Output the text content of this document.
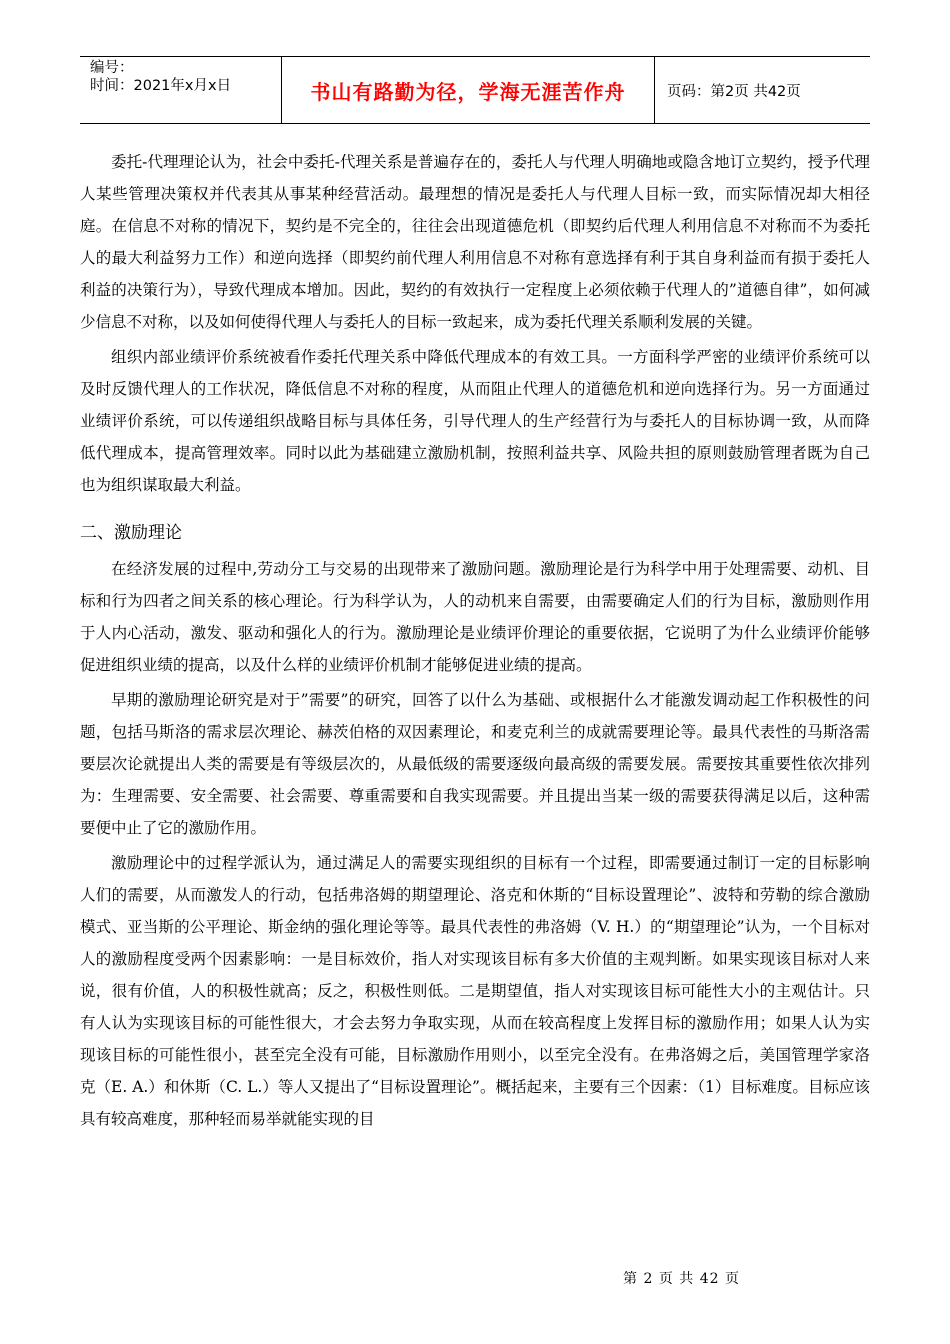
编号：
时间：2021年x月x日	书山有路勤为径，学海无涯苦作舟	页码：第2页 共42页

委托-代理理论认为，社会中委托-代理关系是普遍存在的，委托人与代理人明确地或隐含地订立契约，授予代理人某些管理决策权并代表其从事某种经营活动。最理想的情况是委托人与代理人目标一致，而实际情况却大相径庭。在信息不对称的情况下，契约是不完全的，往往会出现道德危机（即契约后代理人利用信息不对称而不为委托人的最大利益努力工作）和逆向选择（即契约前代理人利用信息不对称有意选择有利于其自身利益而有损于委托人利益的决策行为），导致代理成本增加。因此，契约的有效执行一定程度上必须依赖于代理人的”道德自律”，如何减少信息不对称，以及如何使得代理人与委托人的目标一致起来，成为委托代理关系顺利发展的关键。

组织内部业绩评价系统被看作委托代理关系中降低代理成本的有效工具。一方面科学严密的业绩评价系统可以及时反馈代理人的工作状况，降低信息不对称的程度，从而阻止代理人的道德危机和逆向选择行为。另一方面通过业绩评价系统，可以传递组织战略目标与具体任务，引导代理人的生产经营行为与委托人的目标协调一致，从而降低代理成本，提高管理效率。同时以此为基础建立激励机制，按照利益共享、风险共担的原则鼓励管理者既为自己也为组织谋取最大利益。

二、激励理论

在经济发展的过程中,劳动分工与交易的出现带来了激励问题。激励理论是行为科学中用于处理需要、动机、目标和行为四者之间关系的核心理论。行为科学认为，人的动机来自需要，由需要确定人们的行为目标，激励则作用于人内心活动，激发、驱动和强化人的行为。激励理论是业绩评价理论的重要依据，它说明了为什么业绩评价能够促进组织业绩的提高，以及什么样的业绩评价机制才能够促进业绩的提高。

早期的激励理论研究是对于”需要”的研究，回答了以什么为基础、或根据什么才能激发调动起工作积极性的问题，包括马斯洛的需求层次理论、赫茨伯格的双因素理论，和麦克利兰的成就需要理论等。最具代表性的马斯洛需要层次论就提出人类的需要是有等级层次的，从最低级的需要逐级向最高级的需要发展。需要按其重要性依次排列为：生理需要、安全需要、社会需要、尊重需要和自我实现需要。并且提出当某一级的需要获得满足以后，这种需要便中止了它的激励作用。

激励理论中的过程学派认为，通过满足人的需要实现组织的目标有一个过程，即需要通过制订一定的目标影响人们的需要，从而激发人的行动，包括弗洛姆的期望理论、洛克和休斯的“目标设置理论”、波特和劳勒的综合激励模式、亚当斯的公平理论、斯金纳的强化理论等等。最具代表性的弗洛姆（V. H.）的“期望理论”认为，一个目标对人的激励程度受两个因素影响：一是目标效价，指人对实现该目标有多大价值的主观判断。如果实现该目标对人来说，很有价值，人的积极性就高；反之，积极性则低。二是期望值，指人对实现该目标可能性大小的主观估计。只有人认为实现该目标的可能性很大，才会去努力争取实现，从而在较高程度上发挥目标的激励作用；如果人认为实现该目标的可能性很小，甚至完全没有可能，目标激励作用则小，以至完全没有。在弗洛姆之后，美国管理学家洛克（E. A.）和休斯（C. L.）等人又提出了“目标设置理论”。概括起来，主要有三个因素：（1）目标难度。目标应该具有较高难度，那种轻而易举就能实现的目

第 2 页 共 42 页
